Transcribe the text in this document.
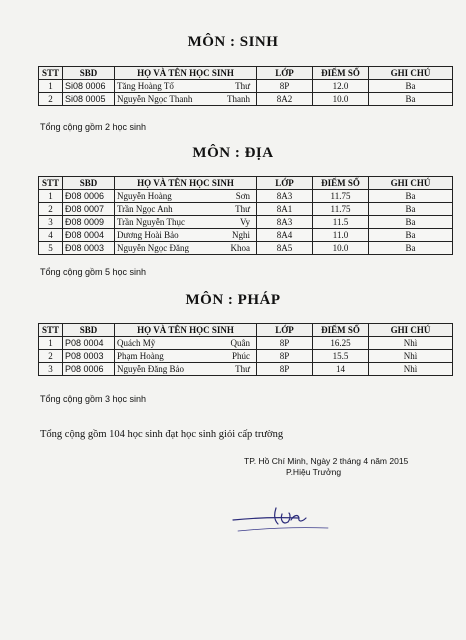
MÔN : SINH
STT	SBD	HỌ VÀ TÊN HỌC SINH	LỚP	ĐIỂM SỐ	GHI CHÚ
1	Si08 0006	Tăng Hoàng Tố Thư	8P	12.0	Ba
2	Si08 0005	Nguyễn Ngọc Thanh Thanh	8A2	10.0	Ba
Tổng cộng gồm 2 học sinh
MÔN : ĐỊA
STT	SBD	HỌ VÀ TÊN HỌC SINH	LỚP	ĐIỂM SỐ	GHI CHÚ
1	Đ08 0006	Nguyễn Hoàng Sơn	8A3	11.75	Ba
2	Đ08 0007	Trần Ngọc Anh Thư	8A1	11.75	Ba
3	Đ08 0009	Trần Nguyễn Thục Vy	8A3	11.5	Ba
4	Đ08 0004	Dương Hoài Bảo Nghi	8A4	11.0	Ba
5	Đ08 0003	Nguyễn Ngọc Đăng Khoa	8A5	10.0	Ba
Tổng cộng gồm 5 học sinh
MÔN : PHÁP
STT	SBD	HỌ VÀ TÊN HỌC SINH	LỚP	ĐIỂM SỐ	GHI CHÚ
1	P08 0004	Quách Mỹ Quân	8P	16.25	Nhì
2	P08 0003	Phạm Hoàng Phúc	8P	15.5	Nhì
3	P08 0006	Nguyễn Đăng Bảo Thư	8P	14	Nhì
Tổng cộng gồm 3 học sinh
Tổng cộng gồm 104 học sinh đạt học sinh giỏi cấp trường
TP. Hồ Chí Minh, Ngày 2 tháng 4 năm 2015
P.Hiệu Trưởng
